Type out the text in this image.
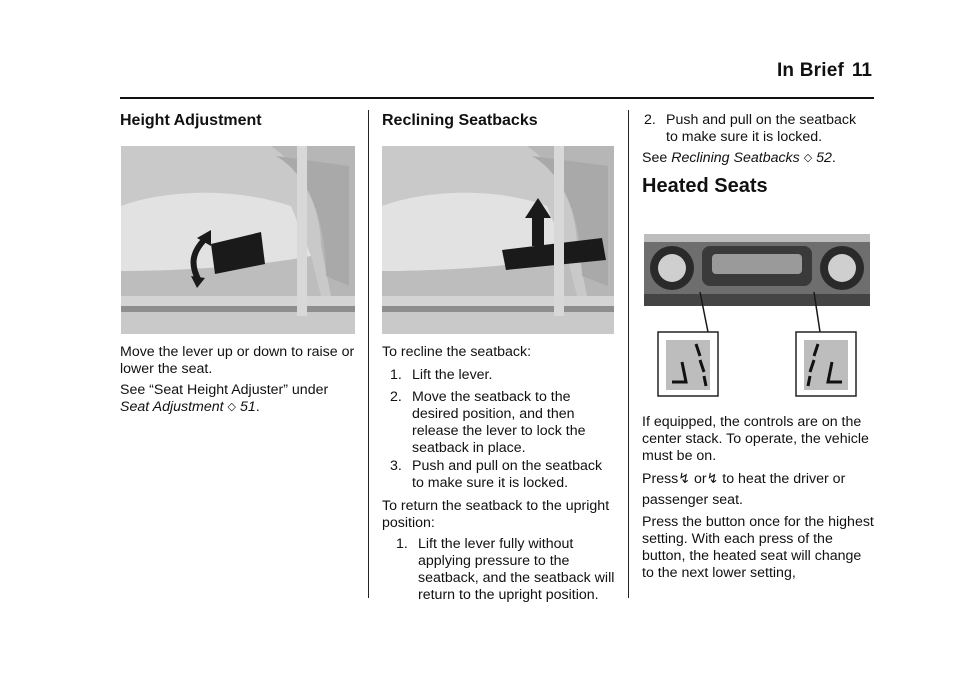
In Brief 11
Height Adjustment
Move the lever up or down to raise or lower the seat.
See “Seat Height Adjuster” under
Seat Adjustment ◇ 51.
Reclining Seatbacks
To recline the seatback:
1. Lift the lever.
2. Move the seatback to the desired position, and then release the lever to lock the seatback in place.
3. Push and pull on the seatback to make sure it is locked.
To return the seatback to the upright position:
1. Lift the lever fully without applying pressure to the seatback, and the seatback will return to the upright position.
2. Push and pull on the seatback to make sure it is locked.
See Reclining Seatbacks ◇ 52.
Heated Seats
If equipped, the controls are on the center stack. To operate, the vehicle must be on.
Press↯ or↯ to heat the driver or
passenger seat.
Press the button once for the highest setting. With each press of the button, the heated seat will change to the next lower setting,
